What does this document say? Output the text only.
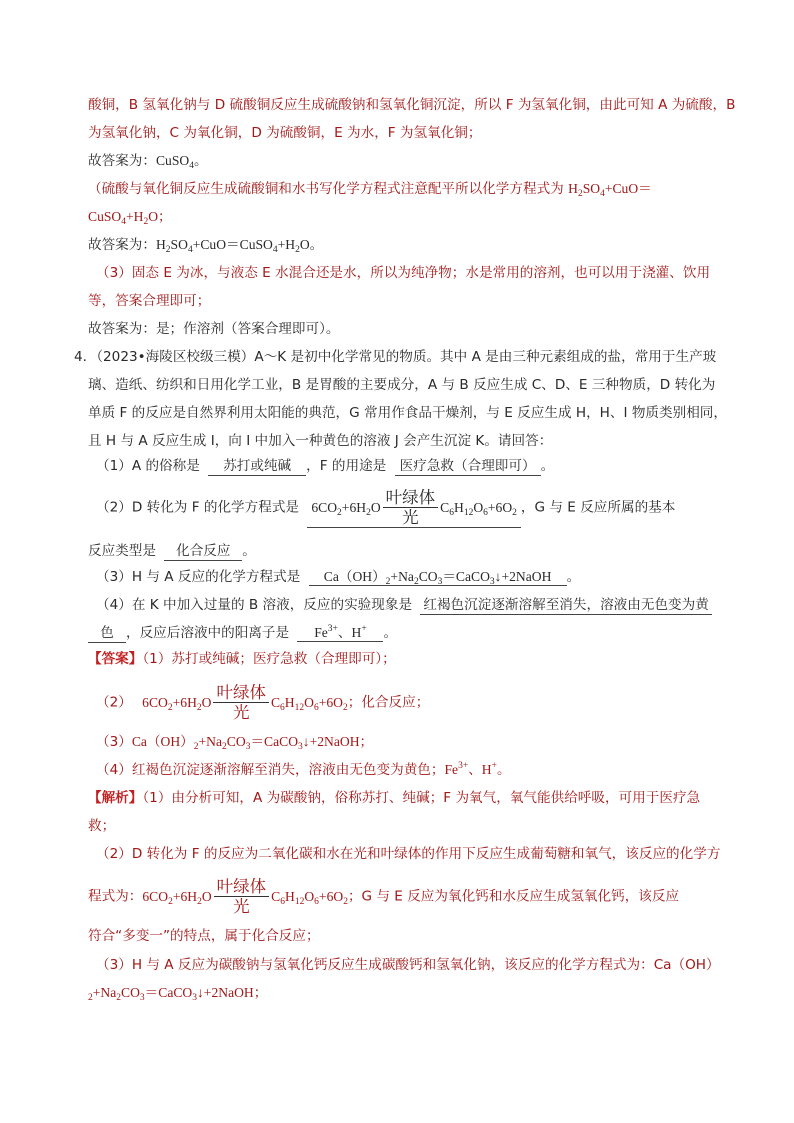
酸铜，B 氢氧化钠与 D 硫酸铜反应生成硫酸钠和氢氧化铜沉淀，所以 F 为氢氧化铜，由此可知 A 为硫酸，B
为氢氧化钠，C 为氧化铜，D 为硫酸铜，E 为水，F 为氢氧化铜；
故答案为：CuSO$_4$。
（硫酸与氧化铜反应生成硫酸铜和水书写化学方程式注意配平所以化学方程式为 $H_2SO_4+CuO=$
$CuSO_4+H_2O$；
故答案为：$H_2SO_4+CuO=CuSO_4+H_2O$。
（3）固态 E 为冰，与液态 E 水混合还是水，所以为纯净物；水是常用的溶剂，也可以用于浇灌、饮用
等，答案合理即可；
故答案为：是；作溶剂（答案合理即可）。
4．（2023•海陵区校级三模）A～K 是初中化学常见的物质。其中 A 是由三种元素组成的盐，常用于生产玻
璃、造纸、纺织和日用化学工业，B 是胃酸的主要成分，A 与 B 反应生成 C、D、E 三种物质，D 转化为
单质 F 的反应是自然界利用太阳能的典范，G 常用作食品干燥剂，与 E 反应生成 H，H、I 物质类别相同，
且 H 与 A 反应生成 I，向 I 中加入一种黄色的溶液 J 会产生沉淀 K。请回答：
（1）A 的俗称是 苏打或纯碱 ，F 的用途是 医疗急救（合理即可） 。
（2）D 转化为 F 的化学方程式是 $6CO_2+6H_2O \frac{\text{叶绿体}}{\text{光}} C_6H_{12}O_6+6O_2$ ，G 与 E 反应所属的基本
反应类型是 化合反应 。
（3）H 与 A 反应的化学方程式是 $Ca(OH)_2+Na_2CO_3=CaCO_3↓+2NaOH$ 。
（4）在 K 中加入过量的 B 溶液，反应的实验现象是 红褐色沉淀逐渐溶解至消失，溶液由无色变为黄
色 ，反应后溶液中的阳离子是 $Fe^{3+}$、H+ 。
【答案】（1）苏打或纯碱；医疗急救（合理即可）；
（2） $6CO_2+6H_2O \frac{\text{叶绿体}}{\text{光}} C_6H_{12}O_6+6O_2$；化合反应；
$(3)Ca(OH)_2+Na_2CO_3=CaCO_3↓+2NaOH$；
（4）红褐色沉淀逐渐溶解至消失，溶液由无色变为黄色；$Fe^{3+}$、H+。
【解析】（1）由分析可知，A 为碳酸钠，俗称苏打、纯碱；F 为氧气，氧气能供给呼吸，可用于医疗急
救；
（2）D 转化为 F 的反应为二氧化碳和水在光和叶绿体的作用下反应生成葡萄糖和氧气，该反应的化学方
程式为：$6CO_2+6H_2O \frac{\text{叶绿体}}{\text{光}} C_6H_{12}O_6+6O_2$；G 与 E 反应为氧化钙和水反应生成氢氧化钙，该反应
符合“多变一”的特点，属于化合反应；
（3）H 与 A 反应为碳酸钠与氢氧化钙反应生成碳酸钙和氢氧化钠，该反应的化学方程式为：Ca（OH）
$_2+Na_2CO_3=CaCO_3↓+2NaOH$；
